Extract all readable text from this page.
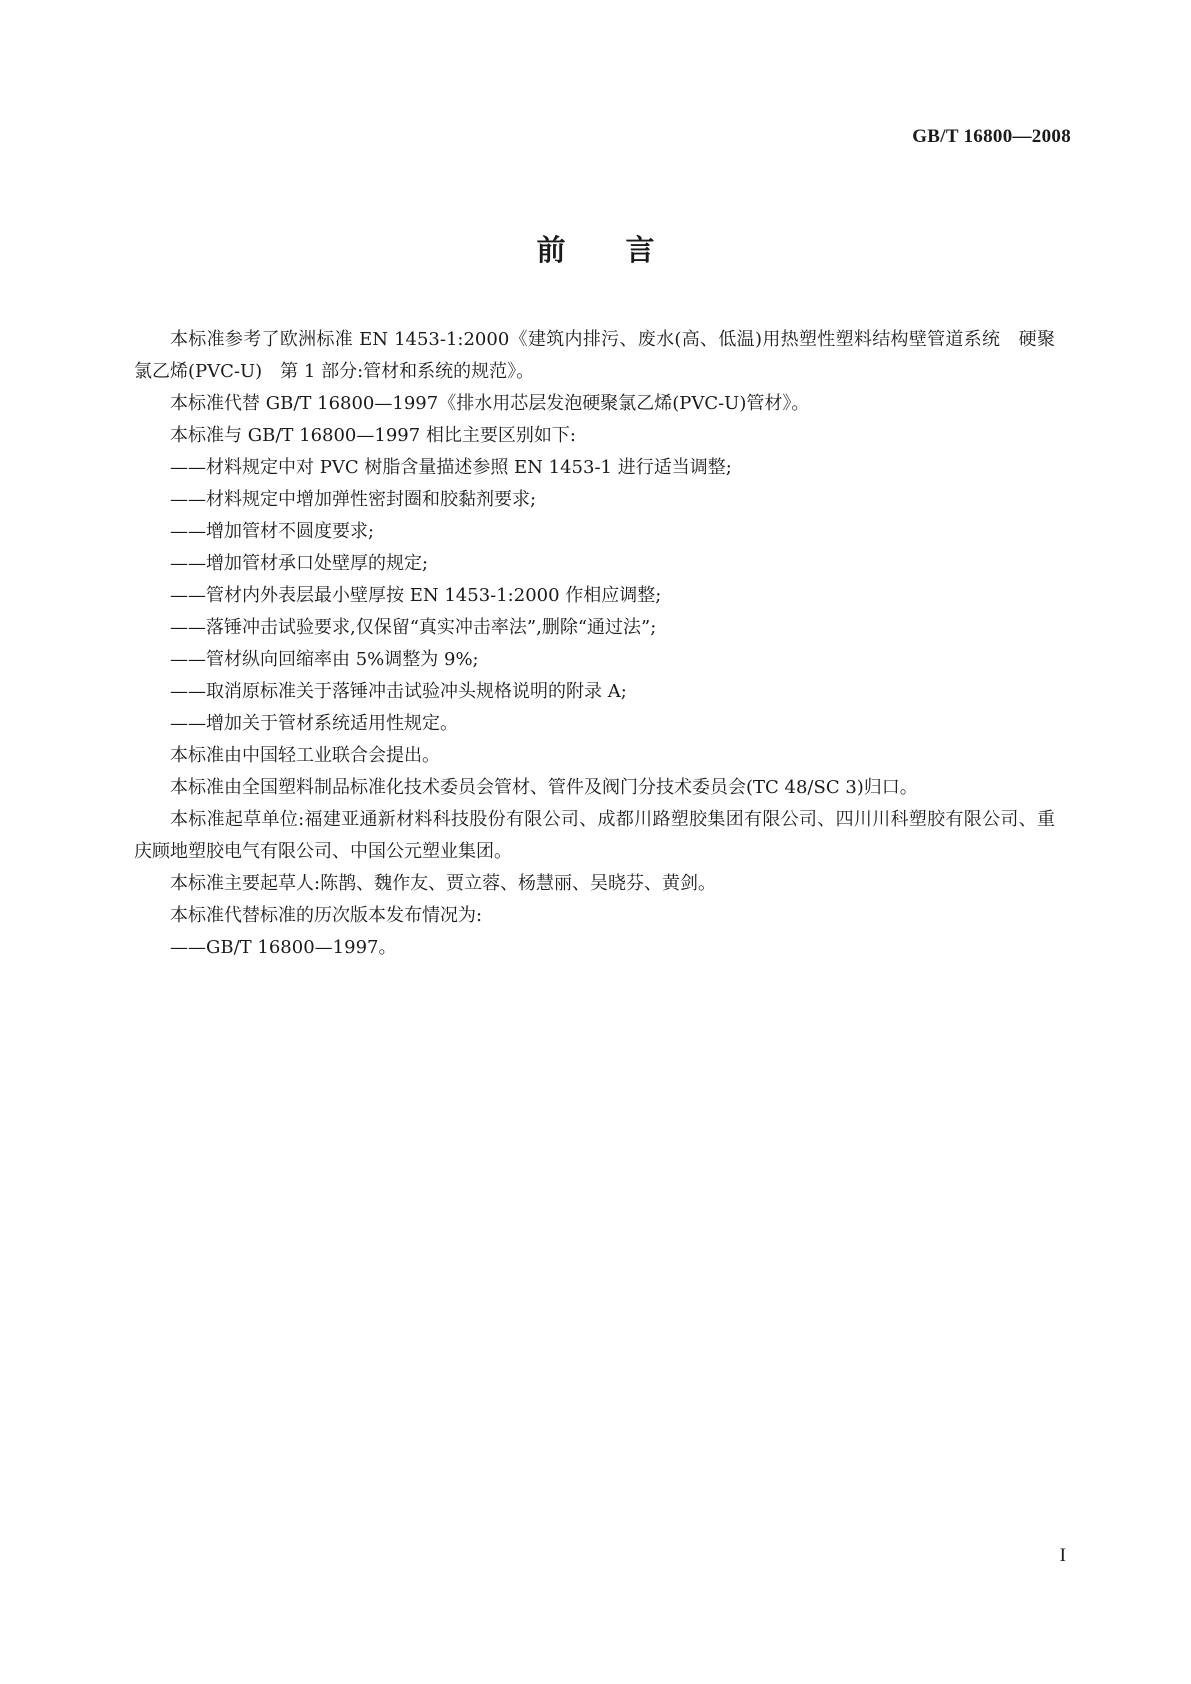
GB/T 16800—2008
前 言

本标准参考了欧洲标准 EN 1453-1:2000《建筑内排污、废水(高、低温)用热塑性塑料结构壁管道系统　硬聚氯乙烯(PVC-U)　第 1 部分:管材和系统的规范》。

本标准代替 GB/T 16800—1997《排水用芯层发泡硬聚氯乙烯(PVC-U)管材》。

本标准与 GB/T 16800—1997 相比主要区别如下:

——材料规定中对 PVC 树脂含量描述参照 EN 1453-1 进行适当调整;

——材料规定中增加弹性密封圈和胶黏剂要求;

——增加管材不圆度要求;

——增加管材承口处壁厚的规定;

——管材内外表层最小壁厚按 EN 1453-1:2000 作相应调整;

——落锤冲击试验要求,仅保留“真实冲击率法”,删除“通过法”;

——管材纵向回缩率由 5%调整为 9%;

——取消原标准关于落锤冲击试验冲头规格说明的附录 A;

——增加关于管材系统适用性规定。

本标准由中国轻工业联合会提出。

本标准由全国塑料制品标准化技术委员会管材、管件及阀门分技术委员会(TC 48/SC 3)归口。

本标准起草单位:福建亚通新材料科技股份有限公司、成都川路塑胶集团有限公司、四川川科塑胶有限公司、重庆顾地塑胶电气有限公司、中国公元塑业集团。

本标准主要起草人:陈鹊、魏作友、贾立蓉、杨慧丽、吴晓芬、黄剑。

本标准代替标准的历次版本发布情况为:

——GB/T 16800—1997。

I
